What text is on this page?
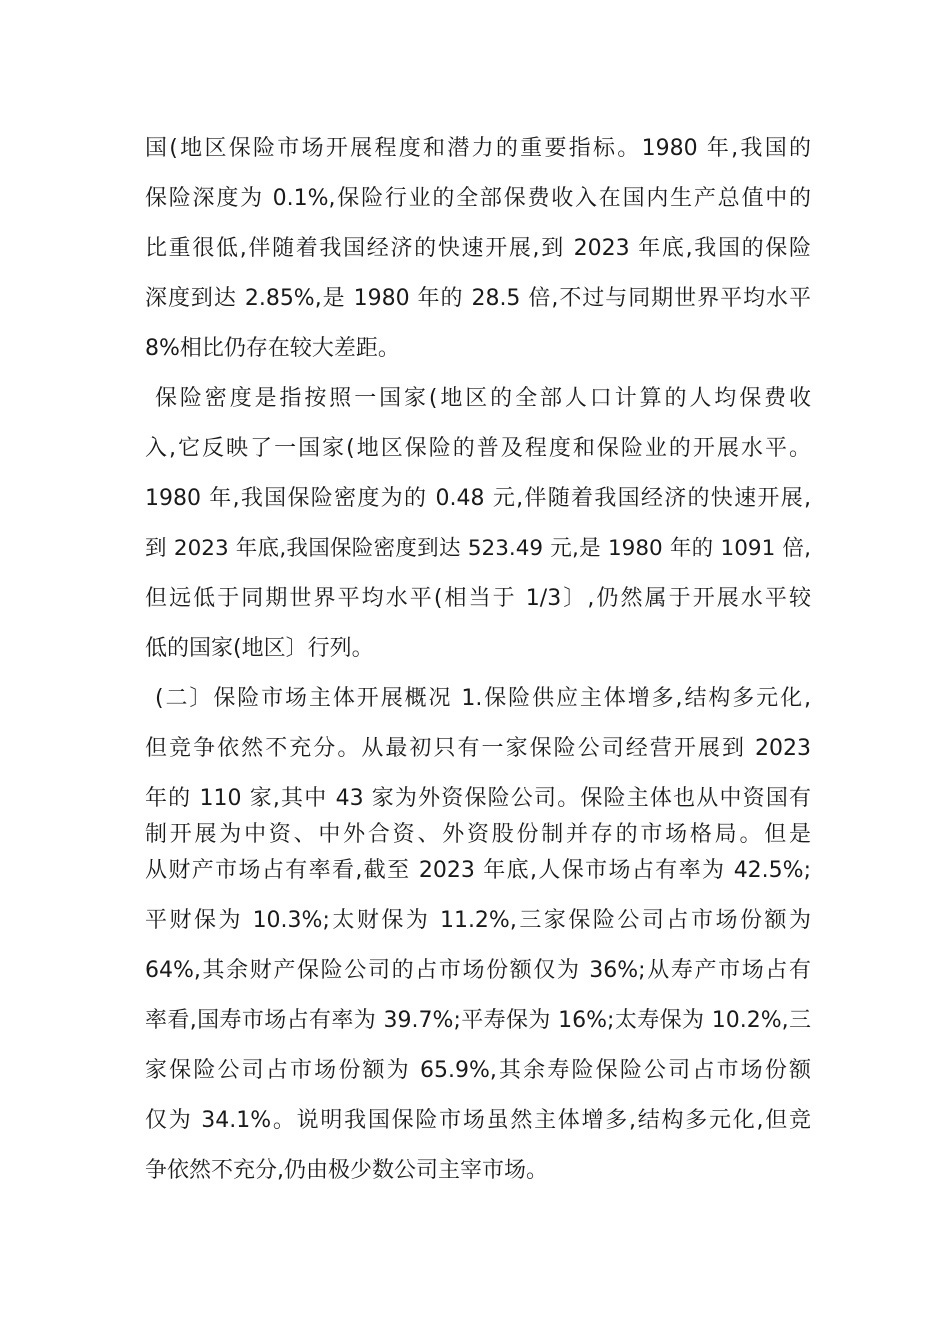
国(地区保险市场开展程度和潜力的重要指标。1980 年,我国的
保险深度为 0.1%,保险行业的全部保费收入在国内生产总值中的
比重很低,伴随着我国经济的快速开展,到 2023 年底,我国的保险
深度到达 2.85%,是 1980 年的 28.5 倍,不过与同期世界平均水平
8%相比仍存在较大差距。
保险密度是指按照一国家(地区的全部人口计算的人均保费收
入,它反映了一国家(地区保险的普及程度和保险业的开展水平。
1980 年,我国保险密度为的 0.48 元,伴随着我国经济的快速开展,
到 2023 年底,我国保险密度到达 523.49 元,是 1980 年的 1091 倍,
但远低于同期世界平均水平(相当于 1/3〕,仍然属于开展水平较
低的国家(地区〕行列。
(二〕保险市场主体开展概况 1.保险供应主体增多,结构多元化,
但竞争依然不充分。从最初只有一家保险公司经营开展到 2023
年的 110 家,其中 43 家为外资保险公司。保险主体也从中资国有
制开展为中资、中外合资、外资股份制并存的市场格局。但是
从财产市场占有率看,截至 2023 年底,人保市场占有率为 42.5%;
平财保为 10.3%;太财保为 11.2%,三家保险公司占市场份额为
64%,其余财产保险公司的占市场份额仅为 36%;从寿产市场占有
率看,国寿市场占有率为 39.7%;平寿保为 16%;太寿保为 10.2%,三
家保险公司占市场份额为 65.9%,其余寿险保险公司占市场份额
仅为 34.1%。说明我国保险市场虽然主体增多,结构多元化,但竞
争依然不充分,仍由极少数公司主宰市场。
